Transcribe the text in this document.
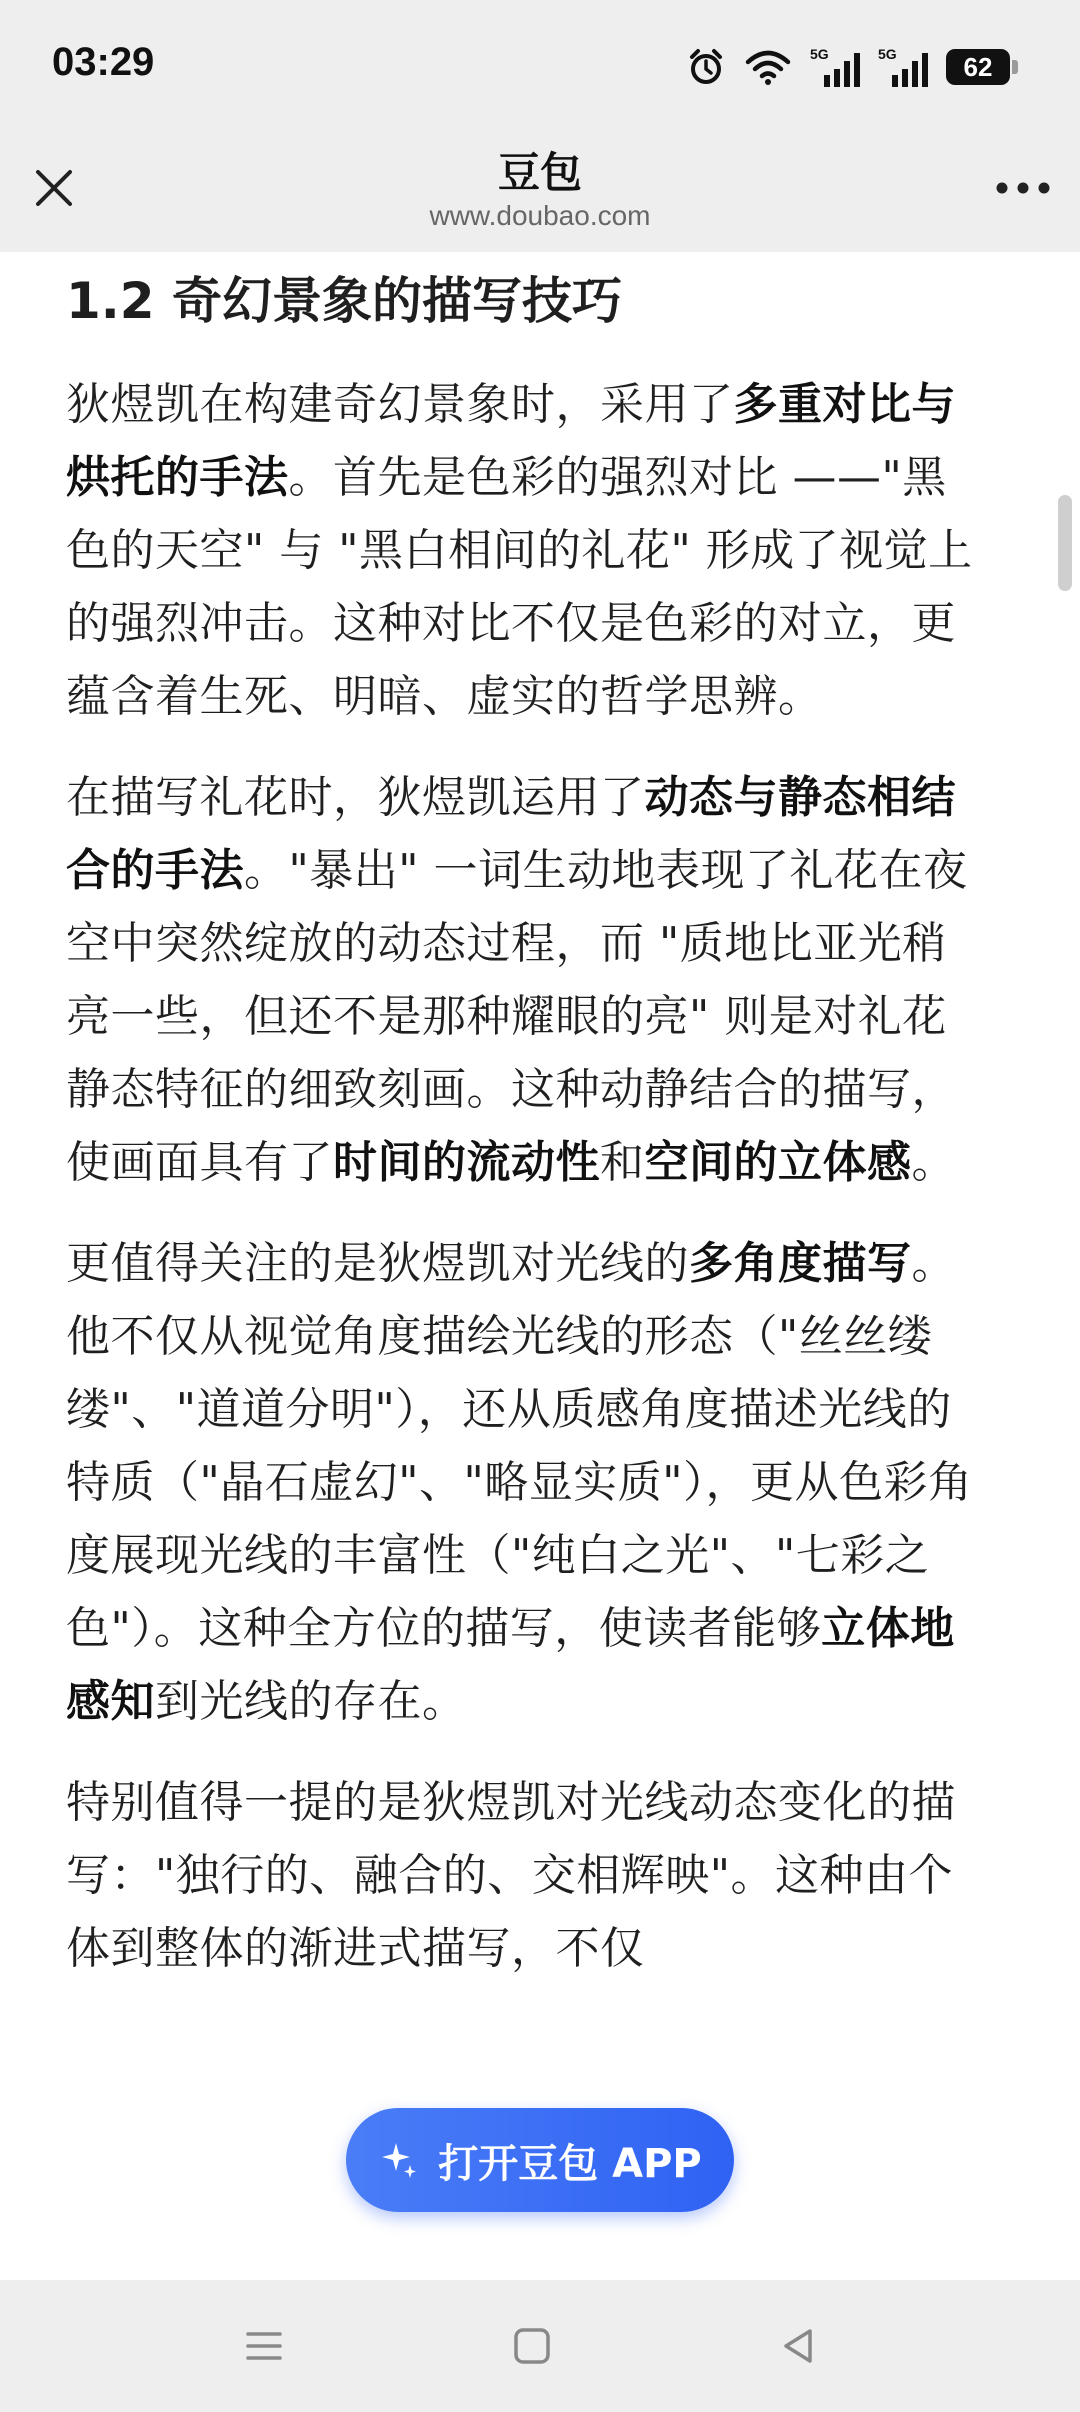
03:29	5G	5G	62
豆包
www.doubao.com
1.2 奇幻景象的描写技巧

狄煜凯在构建奇幻景象时，采用了多重对比与烘托的手法。首先是色彩的强烈对比 ——"黑色的天空" 与 "黑白相间的礼花" 形成了视觉上的强烈冲击。这种对比不仅是色彩的对立，更蕴含着生死、明暗、虚实的哲学思辨。

在描写礼花时，狄煜凯运用了动态与静态相结合的手法。"暴出" 一词生动地表现了礼花在夜空中突然绽放的动态过程，而 "质地比亚光稍亮一些，但还不是那种耀眼的亮" 则是对礼花静态特征的细致刻画。这种动静结合的描写，使画面具有了时间的流动性和空间的立体感。

更值得关注的是狄煜凯对光线的多角度描写。他不仅从视觉角度描绘光线的形态（"丝丝缕缕"、"道道分明"），还从质感角度描述光线的特质（"晶石虚幻"、"略显实质"），更从色彩角度展现光线的丰富性（"纯白之光"、"七彩之色"）。这种全方位的描写，使读者能够立体地感知到光线的存在。

特别值得一提的是狄煜凯对光线动态变化的描写："独行的、融合的、交相辉映"。这种由个体到整体的渐进式描写，不仅

打开豆包 APP
